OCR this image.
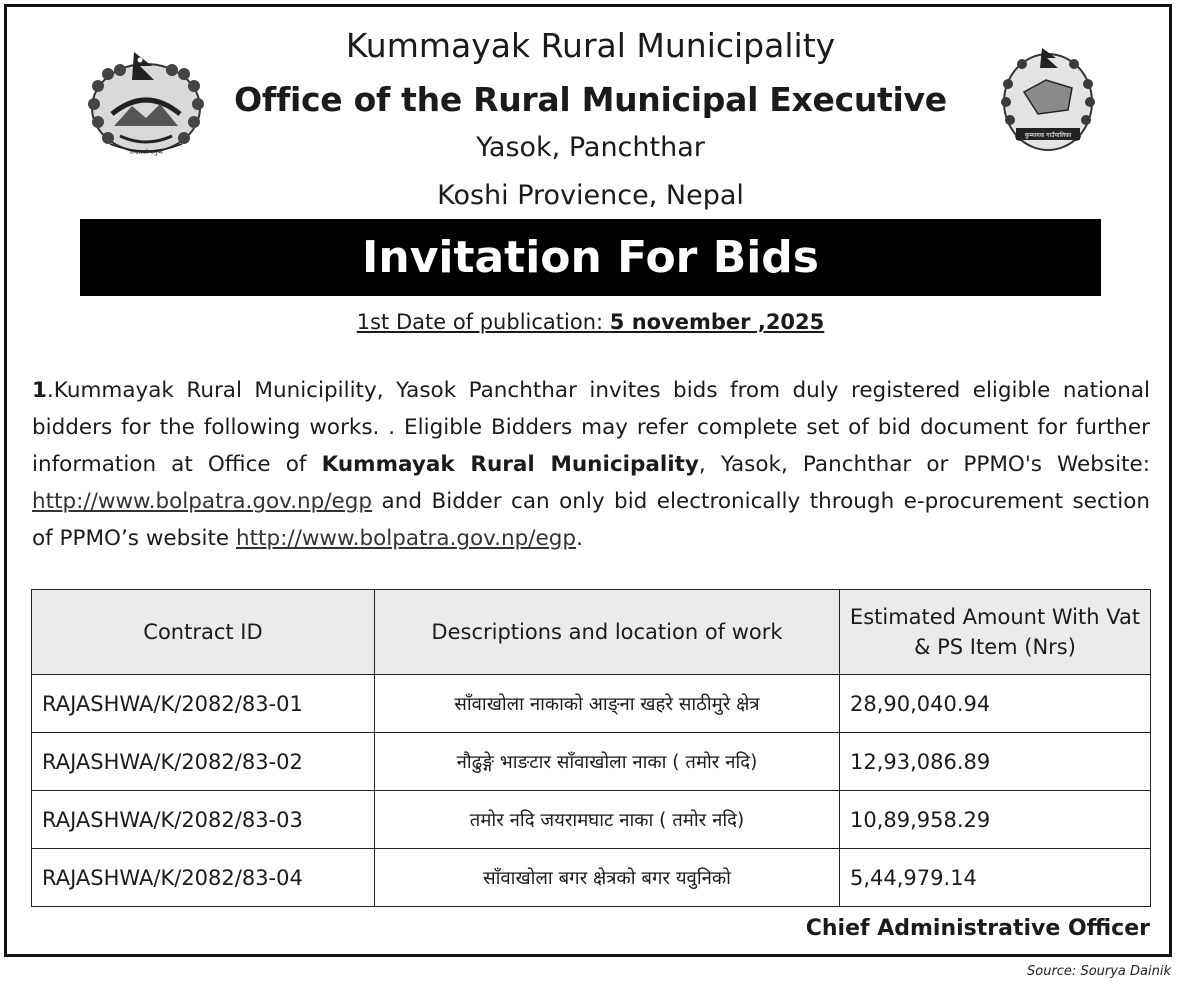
जनताको धनुष्य
कुम्मायक गाउँपालिका
Kummayak Rural Municipality
Office of the Rural Municipal Executive
Yasok, Panchthar
Koshi Provience, Nepal
Invitation For Bids
1st Date of publication: 5 november ,2025
1.Kummayak Rural Municipility, Yasok Panchthar invites bids from duly registered eligible national bidders for the following works. . Eligible Bidders may refer complete set of bid document for further information at Office of Kummayak Rural Municipality, Yasok, Panchthar or PPMO's Website: http://www.bolpatra.gov.np/egp and Bidder can only bid electronically through e-procurement section of PPMO’s website http://www.bolpatra.gov.np/egp.
Contract ID	Descriptions and location of work	Estimated Amount With Vat
& PS Item (Nrs)
RAJASHWA/K/2082/83-01	साँवाखोला नाकाको आङ्ना खहरे साठीमुरे क्षेत्र	28,90,040.94
RAJASHWA/K/2082/83-02	नौढुङ्गे भाङटार साँवाखोला नाका ( तमोर नदि)	12,93,086.89
RAJASHWA/K/2082/83-03	तमोर नदि जयरामघाट नाका ( तमोर नदि)	10,89,958.29
RAJASHWA/K/2082/83-04	साँवाखोला बगर क्षेत्रको बगर यवुनिको	5,44,979.14
Chief Administrative Officer
Source: Sourya Dainik
